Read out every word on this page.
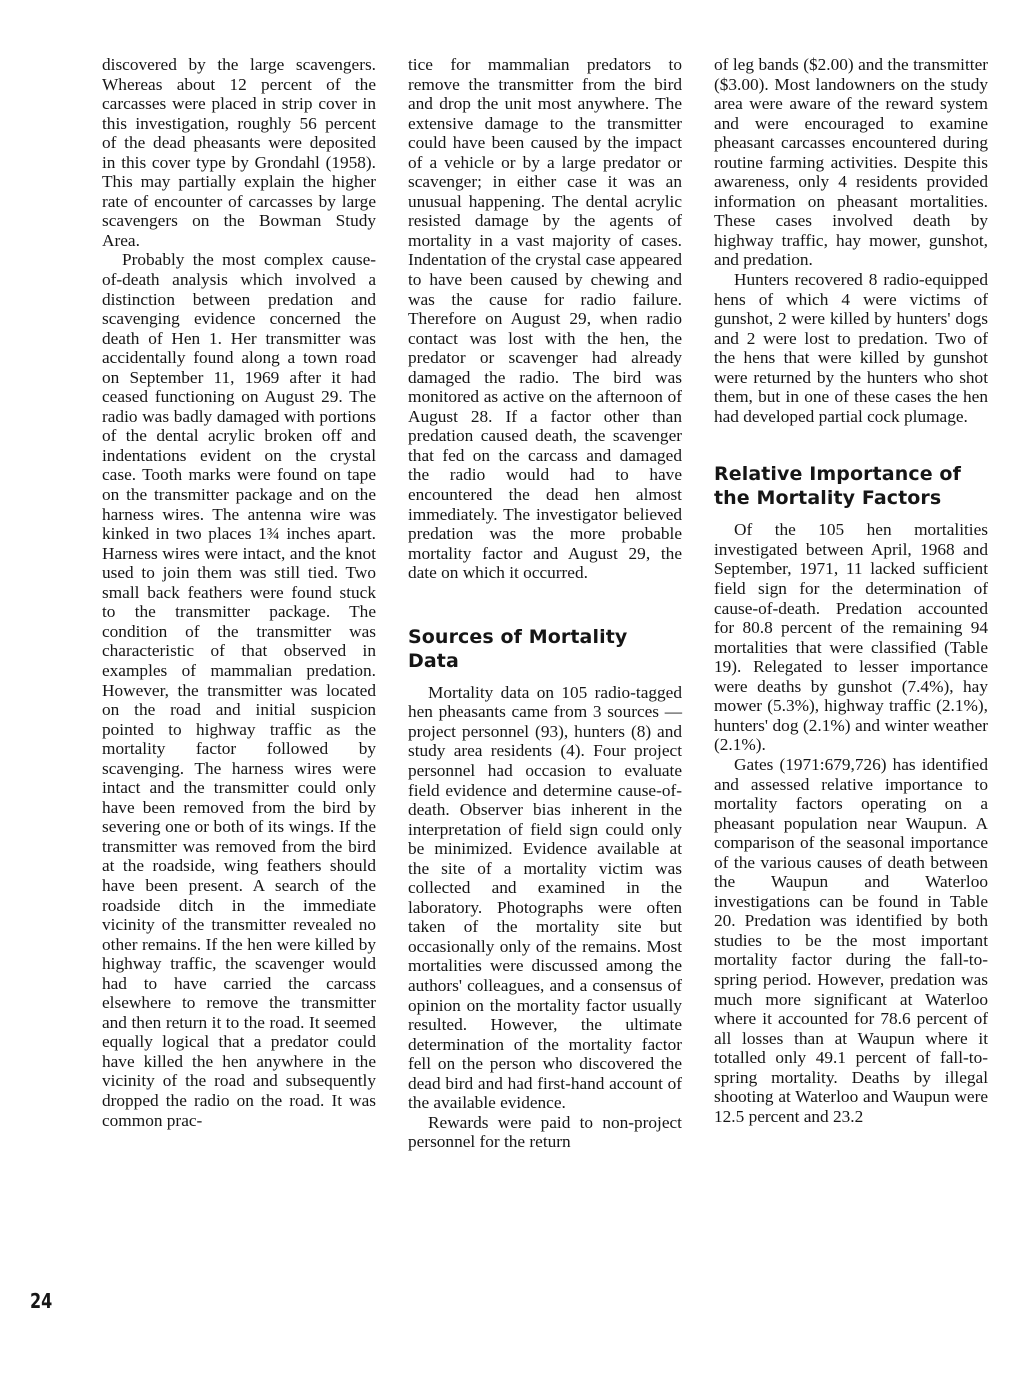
24

discovered by the large scavengers. Whereas about 12 percent of the carcasses were placed in strip cover in this investigation, roughly 56 percent of the dead pheasants were deposited in this cover type by Grondahl (1958). This may partially explain the higher rate of encounter of carcasses by large scavengers on the Bowman Study Area.

Probably the most complex cause-of-death analysis which involved a distinction between predation and scavenging evidence concerned the death of Hen 1. Her transmitter was accidentally found along a town road on September 11, 1969 after it had ceased functioning on August 29. The radio was badly damaged with portions of the dental acrylic broken off and indentations evident on the crystal case. Tooth marks were found on tape on the transmitter package and on the harness wires. The antenna wire was kinked in two places 1¾ inches apart. Harness wires were intact, and the knot used to join them was still tied. Two small back feathers were found stuck to the transmitter package. The condition of the transmitter was characteristic of that observed in examples of mammalian predation. However, the transmitter was located on the road and initial suspicion pointed to highway traffic as the mortality factor followed by scavenging. The harness wires were intact and the transmitter could only have been removed from the bird by severing one or both of its wings. If the transmitter was removed from the bird at the roadside, wing feathers should have been present. A search of the roadside ditch in the immediate vicinity of the transmitter revealed no other remains. If the hen were killed by highway traffic, the scavenger would had to have carried the carcass elsewhere to remove the transmitter and then return it to the road. It seemed equally logical that a predator could have killed the hen anywhere in the vicinity of the road and subsequently dropped the radio on the road. It was common prac-

tice for mammalian predators to remove the transmitter from the bird and drop the unit most anywhere. The extensive damage to the transmitter could have been caused by the impact of a vehicle or by a large predator or scavenger; in either case it was an unusual happening. The dental acrylic resisted damage by the agents of mortality in a vast majority of cases. Indentation of the crystal case appeared to have been caused by chewing and was the cause for radio failure. Therefore on August 29, when radio contact was lost with the hen, the predator or scavenger had already damaged the radio. The bird was monitored as active on the afternoon of August 28. If a factor other than predation caused death, the scavenger that fed on the carcass and damaged the radio would had to have encountered the dead hen almost immediately. The investigator believed predation was the more probable mortality factor and August 29, the date on which it occurred.

Sources of Mortality Data

Mortality data on 105 radio-tagged hen pheasants came from 3 sources — project personnel (93), hunters (8) and study area residents (4). Four project personnel had occasion to evaluate field evidence and determine cause-of-death. Observer bias inherent in the interpretation of field sign could only be minimized. Evidence available at the site of a mortality victim was collected and examined in the laboratory. Photographs were often taken of the mortality site but occasionally only of the remains. Most mortalities were discussed among the authors' colleagues, and a consensus of opinion on the mortality factor usually resulted. However, the ultimate determination of the mortality factor fell on the person who discovered the dead bird and had first-hand account of the available evidence.

Rewards were paid to non-project personnel for the return

of leg bands ($2.00) and the transmitter ($3.00). Most landowners on the study area were aware of the reward system and were encouraged to examine pheasant carcasses encountered during routine farming activities. Despite this awareness, only 4 residents provided information on pheasant mortalities. These cases involved death by highway traffic, hay mower, gunshot, and predation.

Hunters recovered 8 radio-equipped hens of which 4 were victims of gunshot, 2 were killed by hunters' dogs and 2 were lost to predation. Two of the hens that were killed by gunshot were returned by the hunters who shot them, but in one of these cases the hen had developed partial cock plumage.

Relative Importance of the Mortality Factors

Of the 105 hen mortalities investigated between April, 1968 and September, 1971, 11 lacked sufficient field sign for the determination of cause-of-death. Predation accounted for 80.8 percent of the remaining 94 mortalities that were classified (Table 19). Relegated to lesser importance were deaths by gunshot (7.4%), hay mower (5.3%), highway traffic (2.1%), hunters' dog (2.1%) and winter weather (2.1%).

Gates (1971:679,726) has identified and assessed relative importance to mortality factors operating on a pheasant population near Waupun. A comparison of the seasonal importance of the various causes of death between the Waupun and Waterloo investigations can be found in Table 20. Predation was identified by both studies to be the most important mortality factor during the fall-to-spring period. However, predation was much more significant at Waterloo where it accounted for 78.6 percent of all losses than at Waupun where it totalled only 49.1 percent of fall-to-spring mortality. Deaths by illegal shooting at Waterloo and Waupun were 12.5 percent and 23.2
